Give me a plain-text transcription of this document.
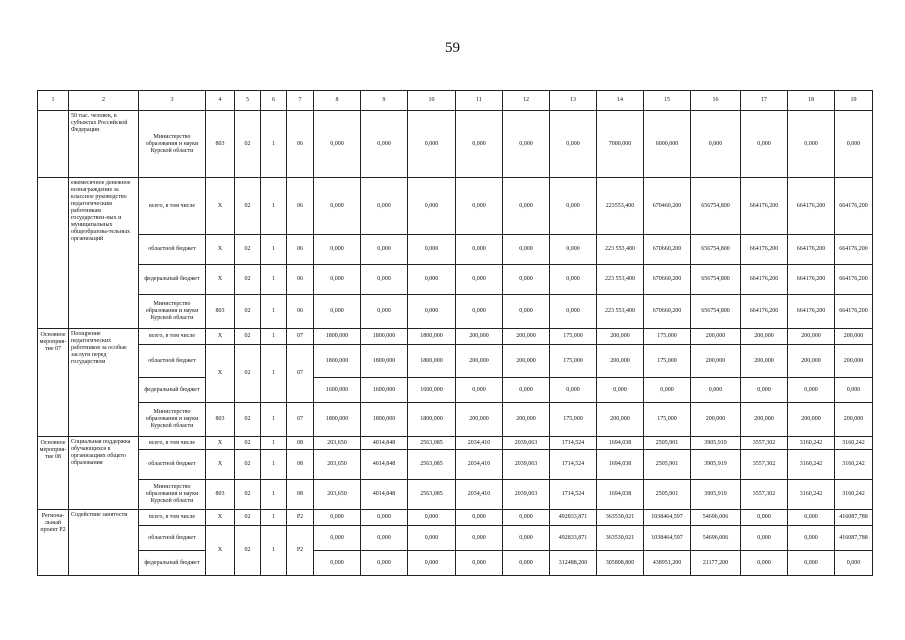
59
1	2	3	4	5	6	7	8	9	10	11	12	13	14	15	16	17	18	19
	50 тыс. человек, в субъектах Российской Федерации	Министерство образования и науки Курской области	803	02	1	06	0,000	0,000	0,000	0,000	0,000	0,000	7000,000	6000,000	0,000	0,000	0,000	0,000
	ежемесячное денежное вознаграждение за классное руководство педагогическим работникам государствен-ных и муниципальных общеобразова-тельных организаций	всего, в том числе	X	02	1	06	0,000	0,000	0,000	0,000	0,000	0,000	223553,400	670460,200	656754,800	664176,200	664176,200	664176,200
		областной бюджет	X	02	1	06	0,000	0,000	0,000	0,000	0,000	0,000	223 553,400	670660,200	656754,800	664176,200	664176,200	664176,200
		федеральный бюджет	X	02	1	06	0,000	0,000	0,000	0,000	0,000	0,000	223 553,400	670660,200	656754,800	664176,200	664176,200	664176,200
		Министерство образования и науки Курской области	803	02	1	06	0,000	0,000	0,000	0,000	0,000	0,000	223 553,400	670660,200	656754,800	664176,200	664176,200	664176,200
Основное мероприя-тие 07	Поощрение педагогических работников за особые заслуги перед государством	всего, в том числе	X	02	1	07	1800,000	1800,000	1800,000	200,000	200,000	175,000	200,000	175,000	200,000	200,000	200,000	200,000
		областной бюджет	X	02	1	07	1800,000	1800,000	1800,000	200,000	200,000	175,000	200,000	175,000	200,000	200,000	200,000	200,000
		федеральный бюджет					1600,000	1600,000	1600,000	0,000	0,000	0,000	0,000	0,000	0,000	0,000	0,000	0,000
		Министерство образования и науки Курской области	803	02	1	07	1800,000	1800,000	1800,000	200,000	200,000	175,000	200,000	175,000	200,000	200,000	200,000	200,000
Основное мероприя-тие 08	Социальная поддержка обучающихся в организациях общего образования	всего, в том числе	X	02	1	08	203,650	4014,848	2563,085	2034,410	2039,063	1714,524	1694,038	2505,901	3905,919	3557,302	3160,242	3160,242
		областной бюджет	X	02	1	08	203,650	4014,848	2563,085	2034,410	2039,063	1714,524	1694,038	2505,901	3905,919	3557,302	3160,242	3160,242
		Министерство образования и науки Курской области	803	02	1	08	203,650	4014,848	2563,085	2034,410	2039,063	1714,524	1694,038	2505,901	3905,919	3557,302	3160,242	3160,242
Региона-льный проект P2	Содействие занятости	всего, в том числе	X	02	1	P2	0,000	0,000	0,000	0,000	0,000	492833,871	363530,021	1038464,597	54696,006	0,000	0,000	416087,788
		областной бюджет	X	02	1	P2	0,000	0,000	0,000	0,000	0,000	492833,871	363530,021	1038464,597	54696,006	0,000	0,000	416087,788
		федеральный бюджет					0,000	0,000	0,000	0,000	0,000	312488,200	305808,800	438951,200	21177,200	0,000	0,000	0,000
